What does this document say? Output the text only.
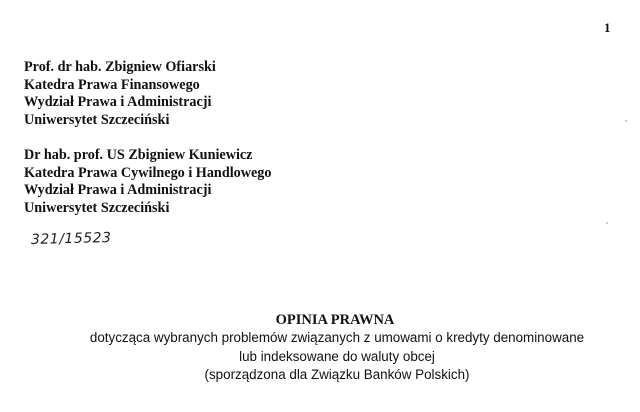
1
Prof. dr hab. Zbigniew Ofiarski
Katedra Prawa Finansowego
Wydział Prawa i Administracji
Uniwersytet Szczeciński
Dr hab. prof. US Zbigniew Kuniewicz
Katedra Prawa Cywilnego i Handlowego
Wydział Prawa i Administracji
Uniwersytet Szczeciński
321/15523
OPINIA PRAWNA
dotycząca wybranych problemów związanych z umowami o kredyty denominowane
lub indeksowane do waluty obcej
(sporządzona dla Związku Banków Polskich)
